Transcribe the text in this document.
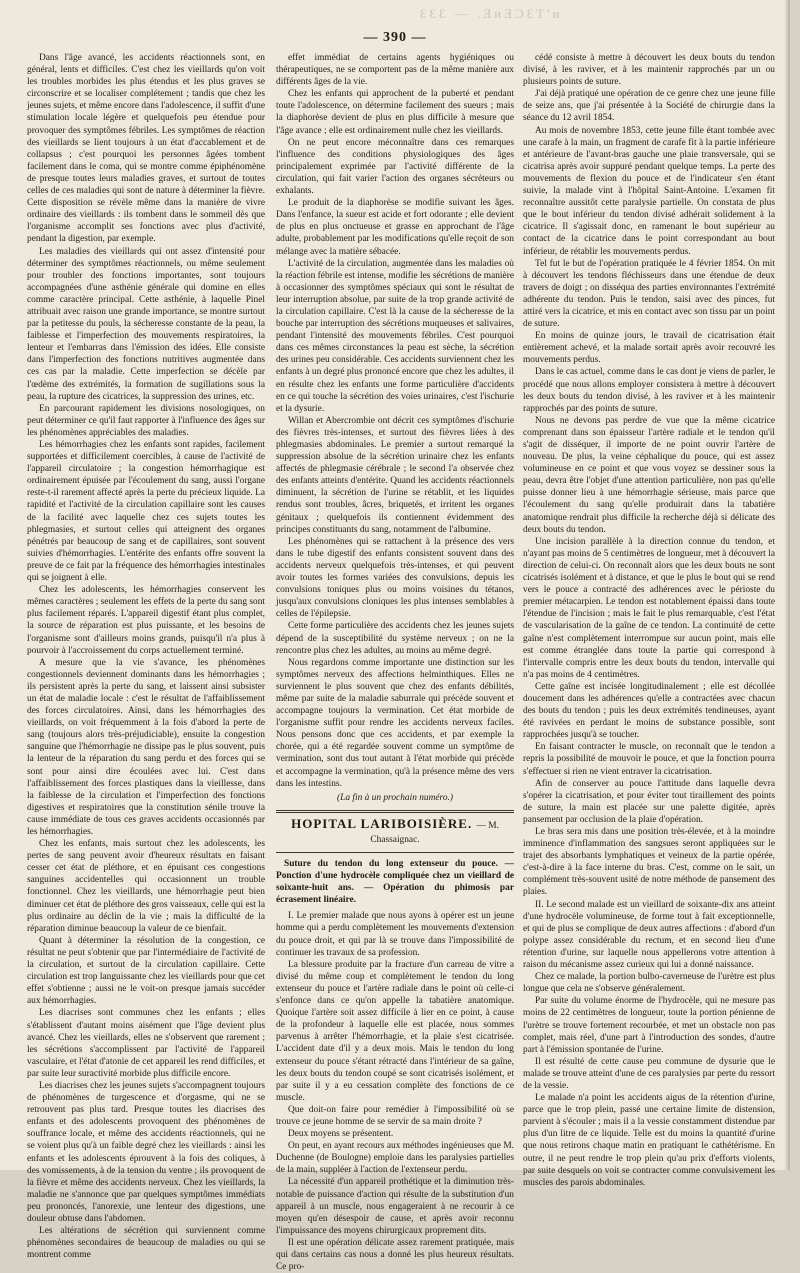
ƐƐƐ — .ƎᴎƎƆƐT'ᴎ
— 390 —

Dans l'âge avancé, les accidents réactionnels sont, en général, lents et difficiles. C'est chez les vieillards qu'on voit les troubles morbides les plus étendus et les plus graves se circonscrire et se localiser complétement ; tandis que chez les jeunes sujets, et même encore dans l'adolescence, il suffit d'une stimulation locale légère et quelquefois peu étendue pour provoquer des symptômes fébriles. Les symptômes de réaction des vieillards se lient toujours à un état d'accablement et de collapsus ; c'est pourquoi les personnes âgées tombent facilement dans le coma, qui se montre comme épiphénomène de presque toutes leurs maladies graves, et surtout de toutes celles de ces maladies qui sont de nature à déterminer la fièvre. Cette disposition se révèle même dans la manière de vivre ordinaire des vieillards : ils tombent dans le sommeil dès que l'organisme accomplit ses fonctions avec plus d'activité, pendant la digestion, par exemple.

Les maladies des vieillards qui ont assez d'intensité pour déterminer des symptômes réactionnels, ou même seulement pour troubler des fonctions importantes, sont toujours accompagnées d'une asthénie générale qui domine en elles comme caractère principal. Cette asthénie, à laquelle Pinel attribuait avec raison une grande importance, se montre surtout par la petitesse du pouls, la sécheresse constante de la peau, la faiblesse et l'imperfection des mouvements respiratoires, la lenteur et l'embarras dans l'émission des idées. Elle consiste dans l'imperfection des fonctions nutritives augmentée dans ces cas par la maladie. Cette imperfection se décèle par l'œdème des extrémités, la formation de sugillations sous la peau, la rupture des cicatrices, la suppression des urines, etc.

En parcourant rapidement les divisions nosologiques, on peut déterminer ce qu'il faut rapporter à l'influence des âges sur les phénomènes appréciables des maladies.

Les hémorrhagies chez les enfants sont rapides, facilement supportées et difficilement coercibles, à cause de l'activité de l'appareil circulatoire ; la congestion hémorrhagique est ordinairement épuisée par l'écoulement du sang, aussi l'organe reste-t-il rarement affecté après la perte du précieux liquide. La rapidité et l'activité de la circulation capillaire sont les causes de la facilité avec laquelle chez ces sujets toutes les phlegmasies, et surtout celles qui atteignent des organes pénétrés par beaucoup de sang et de capillaires, sont souvent suivies d'hémorrhagies. L'entérite des enfants offre souvent la preuve de ce fait par la fréquence des hémorrhagies intestinales qui se joignent à elle.

Chez les adolescents, les hémorrhagies conservent les mêmes caractères ; seulement les effets de la perte du sang sont plus facilement réparés. L'appareil digestif étant plus complet, la source de réparation est plus puissante, et les besoins de l'organisme sont d'ailleurs moins grands, puisqu'il n'a plus à pourvoir à l'accroissement du corps actuellement terminé.

A mesure que la vie s'avance, les phénomènes congestionnels deviennent dominants dans les hémorrhagies ; ils persistent après la perte du sang, et laissent ainsi subsister un état de maladie locale : c'est le résultat de l'affaiblissement des forces circulatoires. Ainsi, dans les hémorrhagies des vieillards, on voit fréquemment à la fois d'abord la perte de sang (toujours alors très-préjudiciable), ensuite la congestion sanguine que l'hémorrhagie ne dissipe pas le plus souvent, puis la lenteur de la réparation du sang perdu et des forces qui se sont pour ainsi dire écoulées avec lui. C'est dans l'affaiblissement des forces plastiques dans la vieillesse, dans la faiblesse de la circulation et l'imperfection des fonctions digestives et respiratoires que la constitution sénile trouve la cause immédiate de tous ces graves accidents occasionnés par les hémorrhagies.

Chez les enfants, mais surtout chez les adolescents, les pertes de sang peuvent avoir d'heureux résultats en faisant cesser cet état de pléthore, et en épuisant ces congestions sanguines accidentelles qui occasionnent un trouble fonctionnel. Chez les vieillards, une hémorrhagie peut bien diminuer cet état de pléthore des gros vaisseaux, celle qui est la plus ordinaire au déclin de la vie ; mais la difficulté de la réparation diminue beaucoup la valeur de ce bienfait.

Quant à déterminer la résolution de la congestion, ce résultat ne peut s'obtenir que par l'intermédiaire de l'activité de la circulation, et surtout de la circulation capillaire. Cette circulation est trop languissante chez les vieillards pour que cet effet s'obtienne ; aussi ne le voit-on presque jamais succéder aux hémorrhagies.

Les diacrises sont communes chez les enfants ; elles s'établissent d'autant moins aisément que l'âge devient plus avancé. Chez les vieillards, elles ne s'observent que rarement ; les sécrétions s'accomplissent par l'activité de l'appareil vasculaire, et l'état d'atonie de cet appareil les rend difficiles, et par suite leur suractivité morbide plus difficile encore.

Les diacrises chez les jeunes sujets s'accompagnent toujours de phénomènes de turgescence et d'orgasme, qui ne se retrouvent pas plus tard. Presque toutes les diacrises des enfants et des adolescents provoquent des phénomènes de souffrance locale, et même des accidents réactionnels, qui ne se voient plus qu'à un faible degré chez les vieillards : ainsi les enfants et les adolescents éprouvent à la fois des coliques, à des vomissements, à de la tension du ventre ; ils provoquent de la fièvre et même des accidents nerveux. Chez les vieillards, la maladie ne s'annonce que par quelques symptômes immédiats peu prononcés, l'anorexie, une lenteur des digestions, une douleur obtuse dans l'abdomen.

Les altérations de sécrétion qui surviennent comme phénomènes secondaires de beaucoup de maladies ou qui se montrent comme

effet immédiat de certains agents hygiéniques ou thérapeutiques, ne se comportent pas de la même manière aux différents âges de la vie.

Chez les enfants qui approchent de la puberté et pendant toute l'adolescence, on détermine facilement des sueurs ; mais la diaphorèse devient de plus en plus difficile à mesure que l'âge avance ; elle est ordinairement nulle chez les vieillards.

On ne peut encore méconnaître dans ces remarques l'influence des conditions physiologiques des âges principalement exprimée par l'activité différente de la circulation, qui fait varier l'action des organes sécréteurs ou exhalants.

Le produit de la diaphorèse se modifie suivant les âges. Dans l'enfance, la sueur est acide et fort odorante ; elle devient de plus en plus onctueuse et grasse en approchant de l'âge adulte, probablement par les modifications qu'elle reçoit de son mélange avec la matière sébacée.

L'activité de la circulation, augmentée dans les maladies où la réaction fébrile est intense, modifie les sécrétions de manière à occasionner des symptômes spéciaux qui sont le résultat de leur interruption absolue, par suite de la trop grande activité de la circulation capillaire. C'est là la cause de la sécheresse de la bouche par interruption des sécrétions muqueuses et salivaires, pendant l'intensité des mouvements fébriles. C'est pourquoi dans ces mêmes circonstances la peau est sèche, la sécrétion des urines peu considérable. Ces accidents surviennent chez les enfants à un degré plus prononcé encore que chez les adultes, il en résulte chez les enfants une forme particulière d'accidents en ce qui touche la sécrétion des voies urinaires, c'est l'ischurie et la dysurie.

Willan et Abercrombie ont décrit ces symptômes d'ischurie des fièvres très-intenses, et surtout des fièvres liées à des phlegmasies abdominales. Le premier a surtout remarqué la suppression absolue de la sécrétion urinaire chez les enfants affectés de phlegmasie cérébrale ; le second l'a observée chez des enfants atteints d'entérite. Quand les accidents réactionnels diminuent, la sécrétion de l'urine se rétablit, et les liquides rendus sont troubles, âcres, briquetés, et irritent les organes génitaux ; quelquefois ils contiennent évidemment des principes constituants du sang, notamment de l'albumine.

Les phénomènes qui se rattachent à la présence des vers dans le tube digestif des enfants consistent souvent dans des accidents nerveux quelquefois très-intenses, et qui peuvent avoir toutes les formes variées des convulsions, depuis les convulsions toniques plus ou moins voisines du tétanos, jusqu'aux convulsions cloniques les plus intenses semblables à celles de l'épilepsie.

Cette forme particulière des accidents chez les jeunes sujets dépend de la susceptibilité du système nerveux ; on ne la rencontre plus chez les adultes, au moins au même degré.

Nous regardons comme importante une distinction sur les symptômes nerveux des affections helminthiques. Elles ne surviennent le plus souvent que chez des enfants débilités, même par suite de la maladie saburrale qui précède souvent et accompagne toujours la vermination. Cet état morbide de l'organisme suffit pour rendre les accidents nerveux faciles. Nous pensons donc que ces accidents, et par exemple la chorée, qui a été regardée souvent comme un symptôme de vermination, sont dus tout autant à l'état morbide qui précède et accompagne la vermination, qu'à la présence même des vers dans les intestins.

(La fin à un prochain numéro.)
HOPITAL LARIBOISIÈRE. — M. Chassaignac.
Suture du tendon du long extenseur du pouce. — Ponction d'une hydrocèle compliquée chez un vieillard de soixante-huit ans. — Opération du phimosis par écrasement linéaire.

I. Le premier malade que nous ayons à opérer est un jeune homme qui a perdu complètement les mouvements d'extension du pouce droit, et qui par là se trouve dans l'impossibilité de continuer les travaux de sa profession.

La blessure produite par la fracture d'un carreau de vitre a divisé du même coup et complètement le tendon du long extenseur du pouce et l'artère radiale dans le point où celle-ci s'enfonce dans ce qu'on appelle la tabatière anatomique. Quoique l'artère soit assez difficile à lier en ce point, à cause de la profondeur à laquelle elle est placée, nous sommes parvenus à arrêter l'hémorrhagie, et la plaie s'est cicatrisée. L'accident date d'il y a deux mois. Mais le tendon du long extenseur du pouce s'étant rétracté dans l'intérieur de sa gaîne, les deux bouts du tendon coupé se sont cicatrisés isolément, et par suite il y a eu cessation complète des fonctions de ce muscle.

Que doit-on faire pour remédier à l'impossibilité où se trouve ce jeune homme de se servir de sa main droite ?

Deux moyens se présentent.

On peut, en ayant recours aux méthodes ingénieuses que M. Duchenne (de Boulogne) emploie dans les paralysies partielles de la main, suppléer à l'action de l'extenseur perdu.

La nécessité d'un appareil prothétique et la diminution très-notable de puissance d'action qui résulte de la substitution d'un appareil à un muscle, nous engageraient à ne recourir à ce moyen qu'en désespoir de cause, et après avoir reconnu l'impuissance des moyens chirurgicaux proprement dits.

Il est une opération délicate assez rarement pratiquée, mais qui dans certains cas nous a donné les plus heureux résultats. Ce pro-

cédé consiste à mettre à découvert les deux bouts du tendon divisé, à les raviver, et à les maintenir rapprochés par un ou plusieurs points de suture.

J'ai déjà pratiqué une opération de ce genre chez une jeune fille de seize ans, que j'ai présentée à la Société de chirurgie dans la séance du 12 avril 1854.

Au mois de novembre 1853, cette jeune fille étant tombée avec une carafe à la main, un fragment de carafe fit à la partie inférieure et antérieure de l'avant-bras gauche une plaie transversale, qui se cicatrisa après avoir suppuré pendant quelque temps. La perte des mouvements de flexion du pouce et de l'indicateur s'en étant suivie, la malade vint à l'hôpital Saint-Antoine. L'examen fit reconnaître aussitôt cette paralysie partielle. On constata de plus que le bout inférieur du tendon divisé adhérait solidement à la cicatrice. Il s'agissait donc, en ramenant le bout supérieur au contact de la cicatrice dans le point correspondant au bout inférieur, de rétablir les mouvements perdus.

Tel fut le but de l'opération pratiquée le 4 février 1854. On mit à découvert les tendons fléchisseurs dans une étendue de deux travers de doigt ; on disséqua des parties environnantes l'extrémité adhérente du tendon. Puis le tendon, saisi avec des pinces, fut attiré vers la cicatrice, et mis en contact avec son tissu par un point de suture.

En moins de quinze jours, le travail de cicatrisation était entièrement achevé, et la malade sortait après avoir recouvré les mouvements perdus.

Dans le cas actuel, comme dans le cas dont je viens de parler, le procédé que nous allons employer consistera à mettre à découvert les deux bouts du tendon divisé, à les raviver et à les maintenir rapprochés par des points de suture.

Nous ne devons pas perdre de vue que la même cicatrice comprenant dans son épaisseur l'artère radiale et le tendon qu'il s'agit de disséquer, il importe de ne point ouvrir l'artère de nouveau. De plus, la veine céphalique du pouce, qui est assez volumineuse en ce point et que vous voyez se dessiner sous la peau, devra être l'objet d'une attention particulière, non pas qu'elle puisse donner lieu à une hémorrhagie sérieuse, mais parce que l'écoulement du sang qu'elle produirait dans la tabatière anatomique rendrait plus difficile la recherche déjà si délicate des deux bouts du tendon.

Une incision parallèle à la direction connue du tendon, et n'ayant pas moins de 5 centimètres de longueur, met à découvert la direction de celui-ci. On reconnaît alors que les deux bouts ne sont cicatrisés isolément et à distance, et que le plus le bout qui se rend vers le pouce a contracté des adhérences avec le périoste du premier métacarpien. Le tendon est notablement épaissi dans toute l'étendue de l'incision ; mais le fait le plus remarquable, c'est l'état de vascularisation de la gaîne de ce tendon. La continuité de cette gaîne n'est complètement interrompue sur aucun point, mais elle est comme étranglée dans toute la partie qui correspond à l'intervalle compris entre les deux bouts du tendon, intervalle qui n'a pas moins de 4 centimètres.

Cette gaîne est incisée longitudinalement ; elle est décollée doucement dans les adhérences qu'elle a contractées avec chacun des bouts du tendon ; puis les deux extrémités tendineuses, ayant été ravivées en perdant le moins de substance possible, sont rapprochées jusqu'à se toucher.

En faisant contracter le muscle, on reconnaît que le tendon a repris la possibilité de mouvoir le pouce, et que la fonction pourra s'effectuer si rien ne vient entraver la cicatrisation.

Afin de conserver au pouce l'attitude dans laquelle devra s'opérer la cicatrisation, et pour éviter tout tiraillement des points de suture, la main est placée sur une palette digitée, après pansement par occlusion de la plaie d'opération.

Le bras sera mis dans une position très-élevée, et à la moindre imminence d'inflammation des sangsues seront appliquées sur le trajet des absorbants lymphatiques et veineux de la partie opérée, c'est-à-dire à la face interne du bras. C'est, comme on le sait, un complément très-souvent usité de notre méthode de pansement des plaies.

II. Le second malade est un vieillard de soixante-dix ans atteint d'une hydrocèle volumineuse, de forme tout à fait exceptionnelle, et qui de plus se complique de deux autres affections : d'abord d'un polype assez considérable du rectum, et en second lieu d'une rétention d'urine, sur laquelle nous appellerons votre attention à raison du mécanisme assez curieux qui lui a donné naissance.

Chez ce malade, la portion bulbo-caverneuse de l'urètre est plus longue que cela ne s'observe généralement.

Par suite du volume énorme de l'hydrocèle, qui ne mesure pas moins de 22 centimètres de longueur, toute la portion pénienne de l'urètre se trouve fortement recourbée, et met un obstacle non pas complet, mais réel, d'une part à l'introduction des sondes, d'autre part à l'émission spontanée de l'urine.

Il est résulté de cette cause peu commune de dysurie que le malade se trouve atteint d'une de ces paralysies par perte du ressort de la vessie.

Le malade n'a point les accidents aigus de la rétention d'urine, parce que le trop plein, passé une certaine limite de distension, parvient à s'écouler ; mais il a la vessie constamment distendue par plus d'un litre de ce liquide. Telle est du moins la quantité d'urine que nous retirons chaque matin en pratiquant le cathétérisme. En outre, il ne peut rendre le trop plein qu'au prix d'efforts violents, par suite desquels on voit se contracter comme convulsivement les muscles des parois abdominales.
